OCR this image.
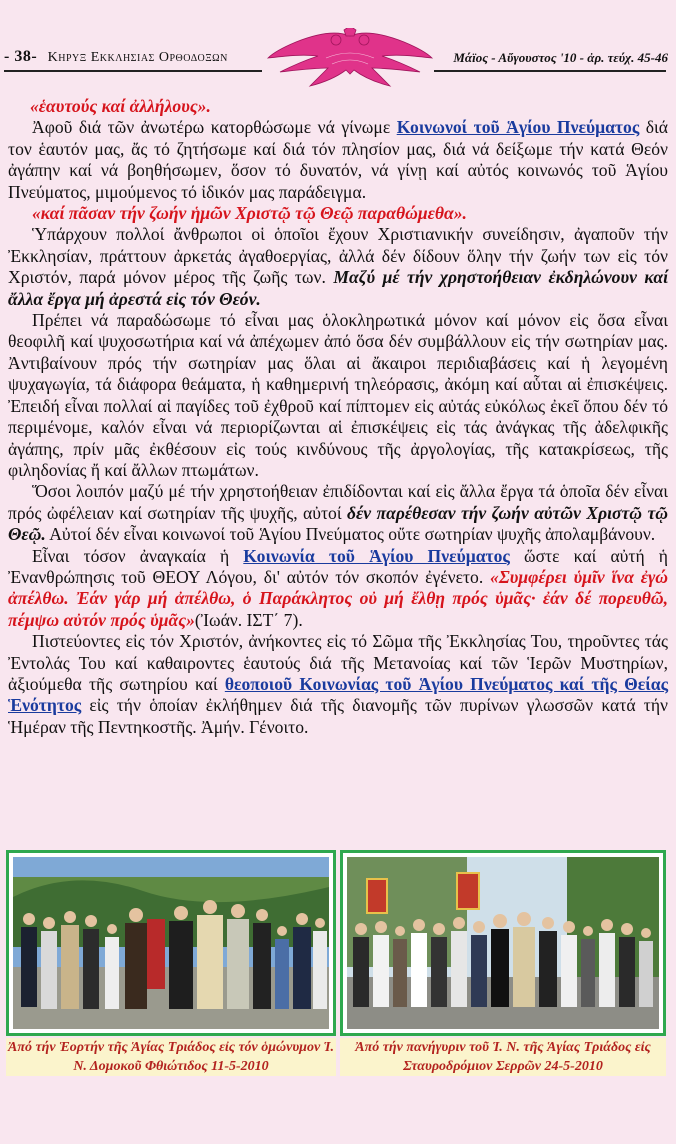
- 38- Κηρυξ Εκκλησιας Ορθοδοξων	Μάϊος - Αὔγουστος '10 - ἀρ. τεύχ. 45-46

«ἑαυτούς καί ἀλλήλους».

Ἀφοῦ διά τῶν ἀνωτέρω κατορθώσωμε νά γίνωμε Κοινωνοί τοῦ Ἁγίου Πνεύματος διά τον ἑαυτόν μας, ἄς τό ζητήσωμε καί διά τόν πλησίον μας, διά νά δείξωμε τήν κατά Θεόν ἀγάπην καί νά βοηθήσωμεν, ὅσον τό δυνατόν, νά γίνῃ καί αὐτός κοινωνός τοῦ Ἁγίου Πνεύματος, μιμούμενος τό ἰδικόν μας παράδειγμα.

«καί πᾶσαν τήν ζωήν ἡμῶν Χριστῷ τῷ Θεῷ παραθώμεθα».

Ὑπάρχουν πολλοί ἄνθρωποι οἱ ὁποῖοι ἔχουν Χριστιανικήν συνείδησιν, ἀγαποῦν τήν Ἐκκλησίαν, πράττουν ἀρκετάς ἀγαθοεργίας, ἀλλά δέν δίδουν ὅλην τήν ζωήν των εἰς τόν Χριστόν, παρά μόνον μέρος τῆς ζωῆς των. Μαζύ μέ τήν χρηστοήθειαν ἐκδηλώνουν καί ἄλλα ἔργα μή ἀρεστά εἰς τόν Θεόν.

Πρέπει νά παραδώσωμε τό εἶναι μας ὁλοκληρωτικά μόνον καί μόνον εἰς ὅσα εἶναι θεοφιλῆ καί ψυχοσωτήρια καί νά ἀπέχωμεν ἀπό ὅσα δέν συμβάλλουν εἰς τήν σωτηρίαν μας. Ἀντιβαίνουν πρός τήν σωτηρίαν μας ὅλαι αἱ ἄκαιροι περιδιαβάσεις καί ἡ λεγομένη ψυχαγωγία, τά διάφορα θεάματα, ἡ καθημερινή τηλεόρασις, ἀκόμη καί αὗται αἱ ἐπισκέψεις. Ἐπειδή εἶναι πολλαί αἱ παγίδες τοῦ ἐχθροῦ καί πίπτομεν εἰς αὐτάς εὐκόλως ἐκεῖ ὅπου δέν τό περιμένομε, καλόν εἶναι νά περιορίζωνται αἱ ἐπισκέψεις εἰς τάς ἀνάγκας τῆς ἀδελφικῆς ἀγάπης, πρίν μᾶς ἐκθέσουν εἰς τούς κινδύνους τῆς ἀργολογίας, τῆς κατακρίσεως, τῆς φιληδονίας ἤ καί ἄλλων πτωμάτων.

Ὅσοι λοιπόν μαζύ μέ τήν χρηστοήθειαν ἐπιδίδονται καί εἰς ἄλλα ἔργα τά ὁποῖα δέν εἶναι πρός ὠφέλειαν καί σωτηρίαν τῆς ψυχῆς, αὐτοί δέν παρέθεσαν τήν ζωήν αὐτῶν Χριστῷ τῷ Θεῷ. Αὐτοί δέν εἶναι κοινωνοί τοῦ Ἁγίου Πνεύματος οὔτε σωτηρίαν ψυχῆς ἀπολαμβάνουν.

Εἶναι τόσον ἀναγκαία ἡ Κοινωνία τοῦ Ἁγίου Πνεύματος ὥστε καί αὐτή ἡ Ἐνανθρώπησις τοῦ ΘΕΟΥ Λόγου, δι' αὐτόν τόν σκοπόν ἐγένετο. «Συμφέρει ὑμῖν ἵνα ἐγώ ἀπέλθω. Ἐάν γάρ μή ἀπέλθω, ὁ Παράκλητος οὐ μή ἔλθῃ πρός ὑμᾶς· ἐάν δέ πορευθῶ, πέμψω αὐτόν πρός ὑμᾶς»(Ἰωάν. ΙΣΤ΄ 7).

Πιστεύοντες εἰς τόν Χριστόν, ἀνήκοντες εἰς τό Σῶμα τῆς Ἐκκλησίας Του, τηροῦντες τάς Ἐντολάς Του καί καθαιροντες ἑαυτούς διά τῆς Μετανοίας καί τῶν Ἱερῶν Μυστηρίων, ἀξιούμεθα τῆς σωτηρίου καί θεοποιοῦ Κοινωνίας τοῦ Ἁγίου Πνεύματος καί τῆς Θείας Ἑνότητος εἰς τήν ὁποίαν ἐκλήθημεν διά τῆς διανομῆς τῶν πυρίνων γλωσσῶν κατά τήν Ἡμέραν τῆς Πεντηκοστῆς. Ἀμήν. Γένοιτο.

Ἀπό τήν Ἑορτήν τῆς Ἁγίας Τριάδος εἰς τόν ὁμώνυμον Ἱ. Ν. Δομοκοῦ Φθιώτιδος 11-5-2010
Ἀπό τήν πανήγυριν τοῦ Ἱ. Ν. τῆς Ἁγίας Τριάδος εἰς Σταυροδρόμιον Σερρῶν 24-5-2010
